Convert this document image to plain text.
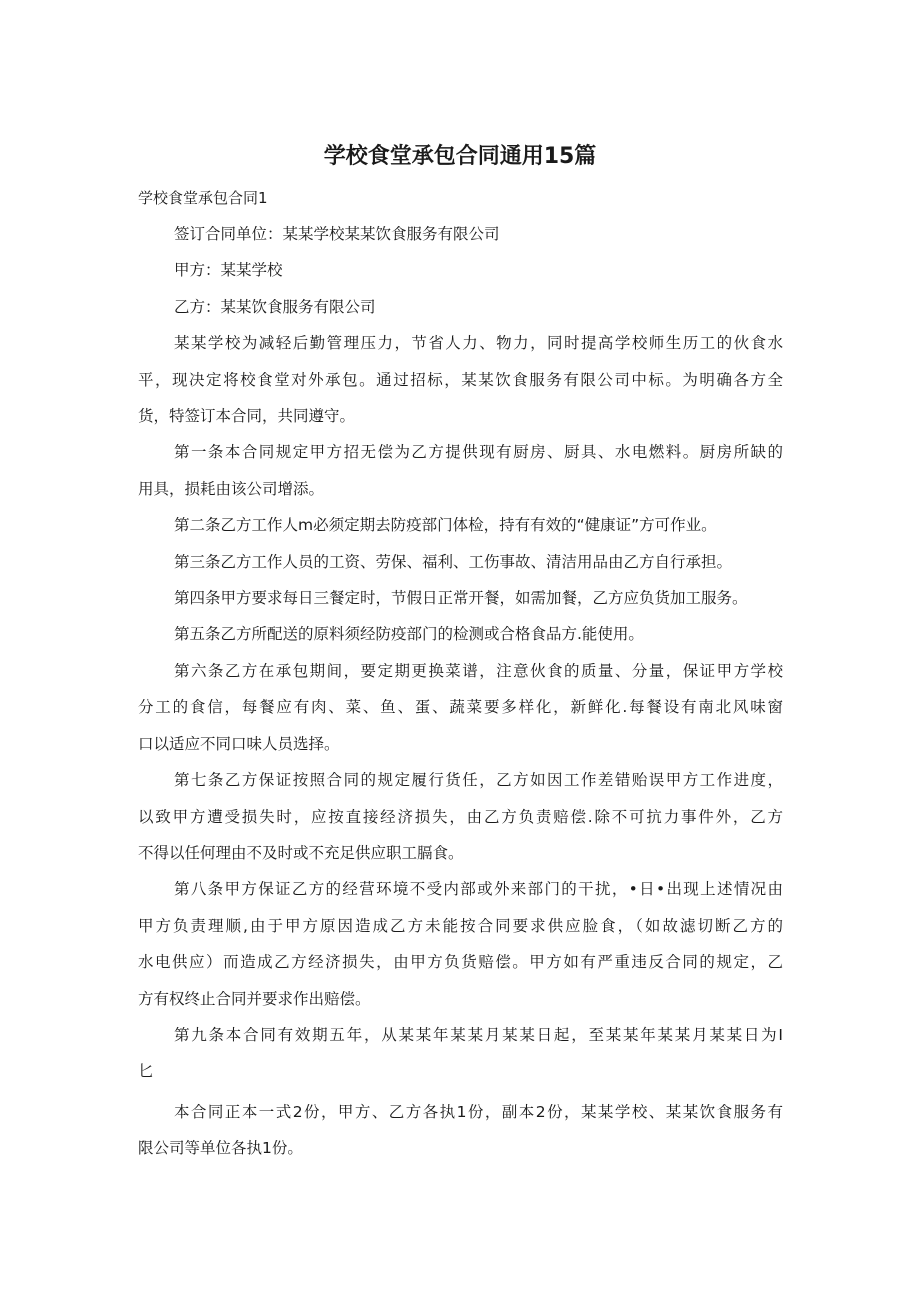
学校食堂承包合同通用15篇
学校食堂承包合同1
签订合同单位：某某学校某某饮食服务有限公司
甲方：某某学校
乙方：某某饮食服务有限公司
某某学校为减轻后勤管理压力，节省人力、物力，同时提高学校师生历工的伙食水
平，现决定将校食堂对外承包。通过招标，某某饮食服务有限公司中标。为明确各方全
货，特签订本合同，共同遵守。
第一条本合同规定甲方招无偿为乙方提供现有厨房、厨具、水电燃料。厨房所缺的
用具，损耗由该公司增添。
第二条乙方工作人m必须定期去防疫部门体检，持有有效的“健康证”方可作业。
第三条乙方工作人员的工资、劳保、福利、工伤事故、清洁用品由乙方自行承担。
第四条甲方要求每日三餐定时，节假日正常开餐，如需加餐，乙方应负货加工服务。
第五条乙方所配送的原料须经防疫部门的检测或合格食品方.能使用。
第六条乙方在承包期间，要定期更换菜谱，注意伙食的质量、分量，保证甲方学校
分工的食信，每餐应有肉、菜、鱼、蛋、蔬菜要多样化，新鲜化.每餐设有南北风味窗
口以适应不同口味人员选择。
第七条乙方保证按照合同的规定履行货任，乙方如因工作差错贻误甲方工作进度，
以致甲方遭受损失时，应按直接经济损失，由乙方负责赔偿.除不可抗力事件外，乙方
不得以任何理由不及时或不充足供应职工膈食。
第八条甲方保证乙方的经营环境不受内部或外来部门的干扰，•日•出现上述情况由
甲方负责理顺,由于甲方原因造成乙方未能按合同要求供应脸食，（如故滤切断乙方的
水电供应）而造成乙方经济损失，由甲方负货赔偿。甲方如有严重违反合同的规定，乙
方有权终止合同并要求作出赔偿。
第九条本合同有效期五年，从某某年某某月某某日起，至某某年某某月某某日为I
匕
本合同正本一式2份，甲方、乙方各执1份，副本2份，某某学校、某某饮食服务有
限公司等单位各执1份。
